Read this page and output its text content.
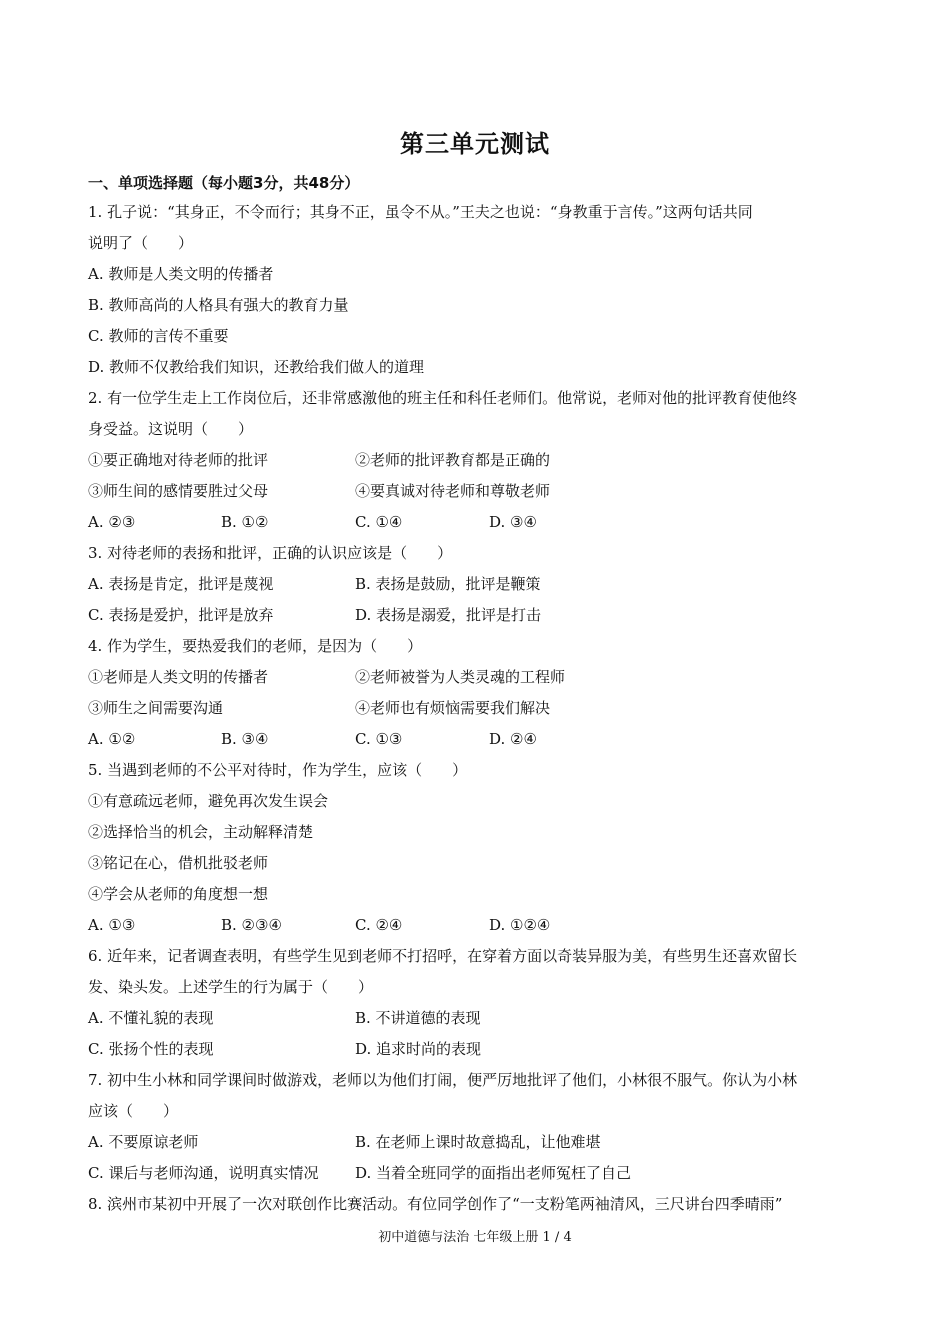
第三单元测试
一、单项选择题（每小题3分，共48分）
1. 孔子说：“其身正，不令而行；其身不正，虽令不从。”王夫之也说：“身教重于言传。”这两句话共同
说明了（　　）
A. 教师是人类文明的传播者
B. 教师高尚的人格具有强大的教育力量
C. 教师的言传不重要
D. 教师不仅教给我们知识，还教给我们做人的道理
2. 有一位学生走上工作岗位后，还非常感激他的班主任和科任老师们。他常说，老师对他的批评教育使他终
身受益。这说明（　　）
①要正确地对待老师的批评	②老师的批评教育都是正确的
③师生间的感情要胜过父母	④要真诚对待老师和尊敬老师
A. ②③	B. ①②	C. ①④	D. ③④
3. 对待老师的表扬和批评，正确的认识应该是（　　）
A. 表扬是肯定，批评是蔑视	B. 表扬是鼓励，批评是鞭策
C. 表扬是爱护，批评是放弃	D. 表扬是溺爱，批评是打击
4. 作为学生，要热爱我们的老师，是因为（　　）
①老师是人类文明的传播者	②老师被誉为人类灵魂的工程师
③师生之间需要沟通	④老师也有烦恼需要我们解决
A. ①②	B. ③④	C. ①③	D. ②④
5. 当遇到老师的不公平对待时，作为学生，应该（　　）
①有意疏远老师，避免再次发生误会
②选择恰当的机会，主动解释清楚
③铭记在心，借机批驳老师
④学会从老师的角度想一想
A. ①③	B. ②③④	C. ②④	D. ①②④
6. 近年来，记者调查表明，有些学生见到老师不打招呼，在穿着方面以奇装异服为美，有些男生还喜欢留长
发、染头发。上述学生的行为属于（　　）
A. 不懂礼貌的表现	B. 不讲道德的表现
C. 张扬个性的表现	D. 追求时尚的表现
7. 初中生小林和同学课间时做游戏，老师以为他们打闹，便严厉地批评了他们，小林很不服气。你认为小林
应该（　　）
A. 不要原谅老师	B. 在老师上课时故意捣乱，让他难堪
C. 课后与老师沟通，说明真实情况 D. 当着全班同学的面指出老师冤枉了自己
8. 滨州市某初中开展了一次对联创作比赛活动。有位同学创作了“一支粉笔两袖清风，三尺讲台四季晴雨”
初中道德与法治 七年级上册 1 / 4
